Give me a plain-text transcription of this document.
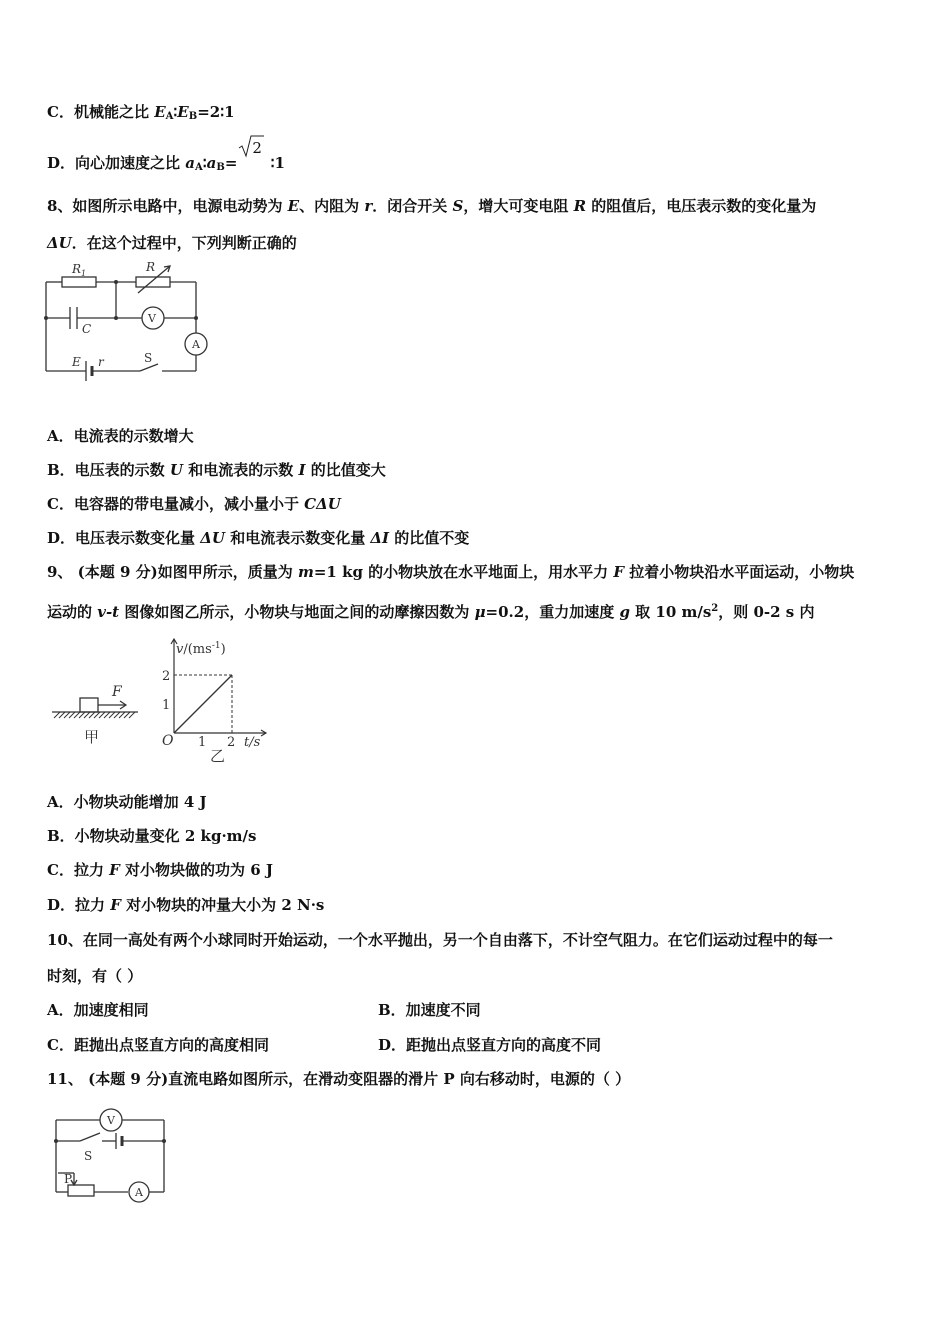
C．机械能之比 $E_A∶E_B=2∶1$
D．向心加速度之比 $a_A∶a_B=$
2
∶1
8、如图所示电路中，电源电动势为 E、内阻为 r．闭合开关 S，增大可变电阻 R 的阻值后，电压表示数的变化量为
ΔU．在这个过程中，下列判断正确的
$R_1$	R
C
V
A
E r	S
A．电流表的示数增大
B．电压表的示数 U 和电流表的示数 I 的比值变大
C．电容器的带电量减小，减小量小于 CΔU
D．电压表示数变化量 ΔU 和电流表示数变化量 ΔI 的比值不变
9、 (本题 9 分)如图甲所示，质量为 m=1 kg 的小物块放在水平地面上，用水平力 F 拉着小物块沿水平面运动，小物块
运动的 v-t 图像如图乙所示，小物块与地面之间的动摩擦因数为 μ=0.2，重力加速度 g 取 10 $m/s^2$，则 0-2 s 内
F
甲	1 2
1
2
O	t/s
$v/(ms^{-1})$
乙
A．小物块动能增加 4 J
B．小物块动量变化 2 kg·m/s
C．拉力 F 对小物块做的功为 6 J
D．拉力 F 对小物块的冲量大小为 2 N·s
10、在同一高处有两个小球同时开始运动，一个水平抛出，另一个自由落下，不计空气阻力。在它们运动过程中的每一
时刻，有（ ）
A．加速度相同	B．加速度不同
C．距抛出点竖直方向的高度相同	D．距抛出点竖直方向的高度不同
11、 (本题 9 分)直流电路如图所示，在滑动变阻器的滑片 P 向右移动时，电源的（ ）
V
S
P
A
